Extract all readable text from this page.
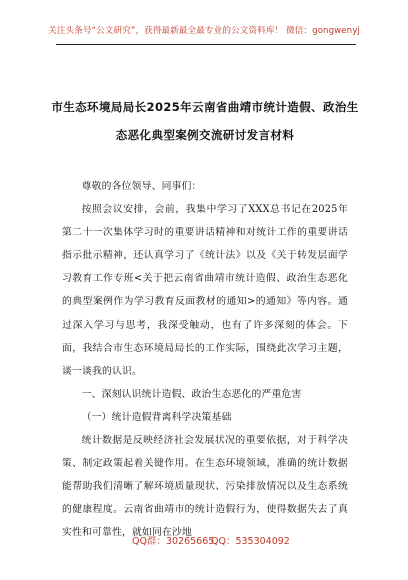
关注头条号“公文研究”，获得最新最全最专业的公文资料库！ 微信：gongwenyj
市生态环境局局长2025年云南省曲靖市统计造假、政治生
态恶化典型案例交流研讨发言材料

尊敬的各位领导、同事们：

按照会议安排，会前，我集中学习了XXX总书记在2025年第二十一次集体学习时的重要讲话精神和对统计工作的重要讲话指示批示精神，还认真学习了《统计法》以及《关于转发层面学习教育工作专班<关于把云南省曲靖市统计造假、政治生态恶化的典型案例作为学习教育反面教材的通知>的通知》等内容。通过深入学习与思考，我深受触动，也有了许多深刻的体会。下面，我结合市生态环境局局长的工作实际，围绕此次学习主题，谈一谈我的认识。

一、深刻认识统计造假、政治生态恶化的严重危害

（一）统计造假背离科学决策基础

统计数据是反映经济社会发展状况的重要依据，对于科学决策、制定政策起着关键作用。在生态环境领域，准确的统计数据能帮助我们清晰了解环境质量现状、污染排放情况以及生态系统的健康程度。云南省曲靖市的统计造假行为，使得数据失去了真实性和可靠性，就如同在沙地

QQ群：30265665
QQ：535304092
